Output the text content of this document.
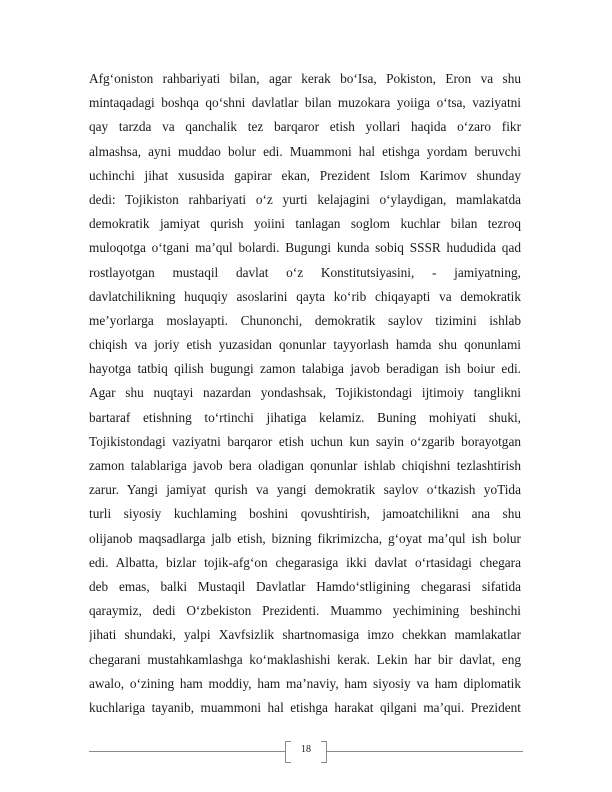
Afg‘oniston rahbariyati bilan, agar kerak bo‘Isa, Pokiston, Eron va shu
mintaqadagi boshqa qo‘shni davlatlar bilan muzokara yoiiga o‘tsa, vaziyatni
qay tarzda va qanchalik tez barqaror etish yollari haqida o‘zaro fikr
almashsa, ayni muddao bolur edi. Muammoni hal etishga yordam beruvchi
uchinchi jihat xususida gapirar ekan, Prezident Islom Karimov shunday
dedi: Tojikiston rahbariyati o‘z yurti kelajagini o‘ylaydigan, mamlakatda
demokratik jamiyat qurish yoiini tanlagan soglom kuchlar bilan tezroq
muloqotga o‘tgani ma’qul bolardi. Bugungi kunda sobiq SSSR hududida qad
rostlayotgan mustaqil davlat o‘z Konstitutsiyasini, - jamiyatning,
davlatchilikning huquqiy asoslarini qayta ko‘rib chiqayapti va demokratik
me’yorlarga moslayapti. Chunonchi, demokratik saylov tizimini ishlab
chiqish va joriy etish yuzasidan qonunlar tayyorlash hamda shu qonunlami
hayotga tatbiq qilish bugungi zamon talabiga javob beradigan ish boiur edi.
Agar shu nuqtayi nazardan yondashsak, Tojikistondagi ijtimoiy tanglikni
bartaraf etishning to‘rtinchi jihatiga kelamiz. Buning mohiyati shuki,
Tojikistondagi vaziyatni barqaror etish uchun kun sayin o‘zgarib borayotgan
zamon talablariga javob bera oladigan qonunlar ishlab chiqishni tezlashtirish
zarur. Yangi jamiyat qurish va yangi demokratik saylov o‘tkazish yoTida
turli siyosiy kuchlaming boshini qovushtirish, jamoatchilikni ana shu
olijanob maqsadlarga jalb etish, bizning fikrimizcha, g‘oyat ma’qul ish bolur
edi. Albatta, bizlar tojik-afg‘on chegarasiga ikki davlat o‘rtasidagi chegara
deb emas, balki Mustaqil Davlatlar Hamdo‘stligining chegarasi sifatida
qaraymiz, dedi O‘zbekiston Prezidenti. Muammo yechimining beshinchi
jihati shundaki, yalpi Xavfsizlik shartnomasiga imzo chekkan mamlakatlar
chegarani mustahkamlashga ko‘maklashishi kerak. Lekin har bir davlat, eng
awalo, o‘zining ham moddiy, ham ma’naviy, ham siyosiy va ham diplomatik
kuchlariga tayanib, muammoni hal etishga harakat qilgani ma’qui. Prezident

18
